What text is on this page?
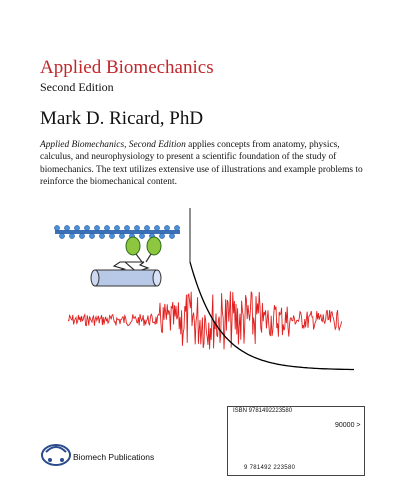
Applied Biomechanics
Second Edition
Mark D. Ricard, PhD
Applied Biomechanics, Second Edition applies concepts from anatomy, physics, calculus, and neurophysiology to present a scientific foundation of the study of biomechanics. The text utilizes extensive use of illustrations and example problems to reinforce the biomechanical content.
ISBN 9781492223580
90000 >
9 781492 223580
Biomech Publications
